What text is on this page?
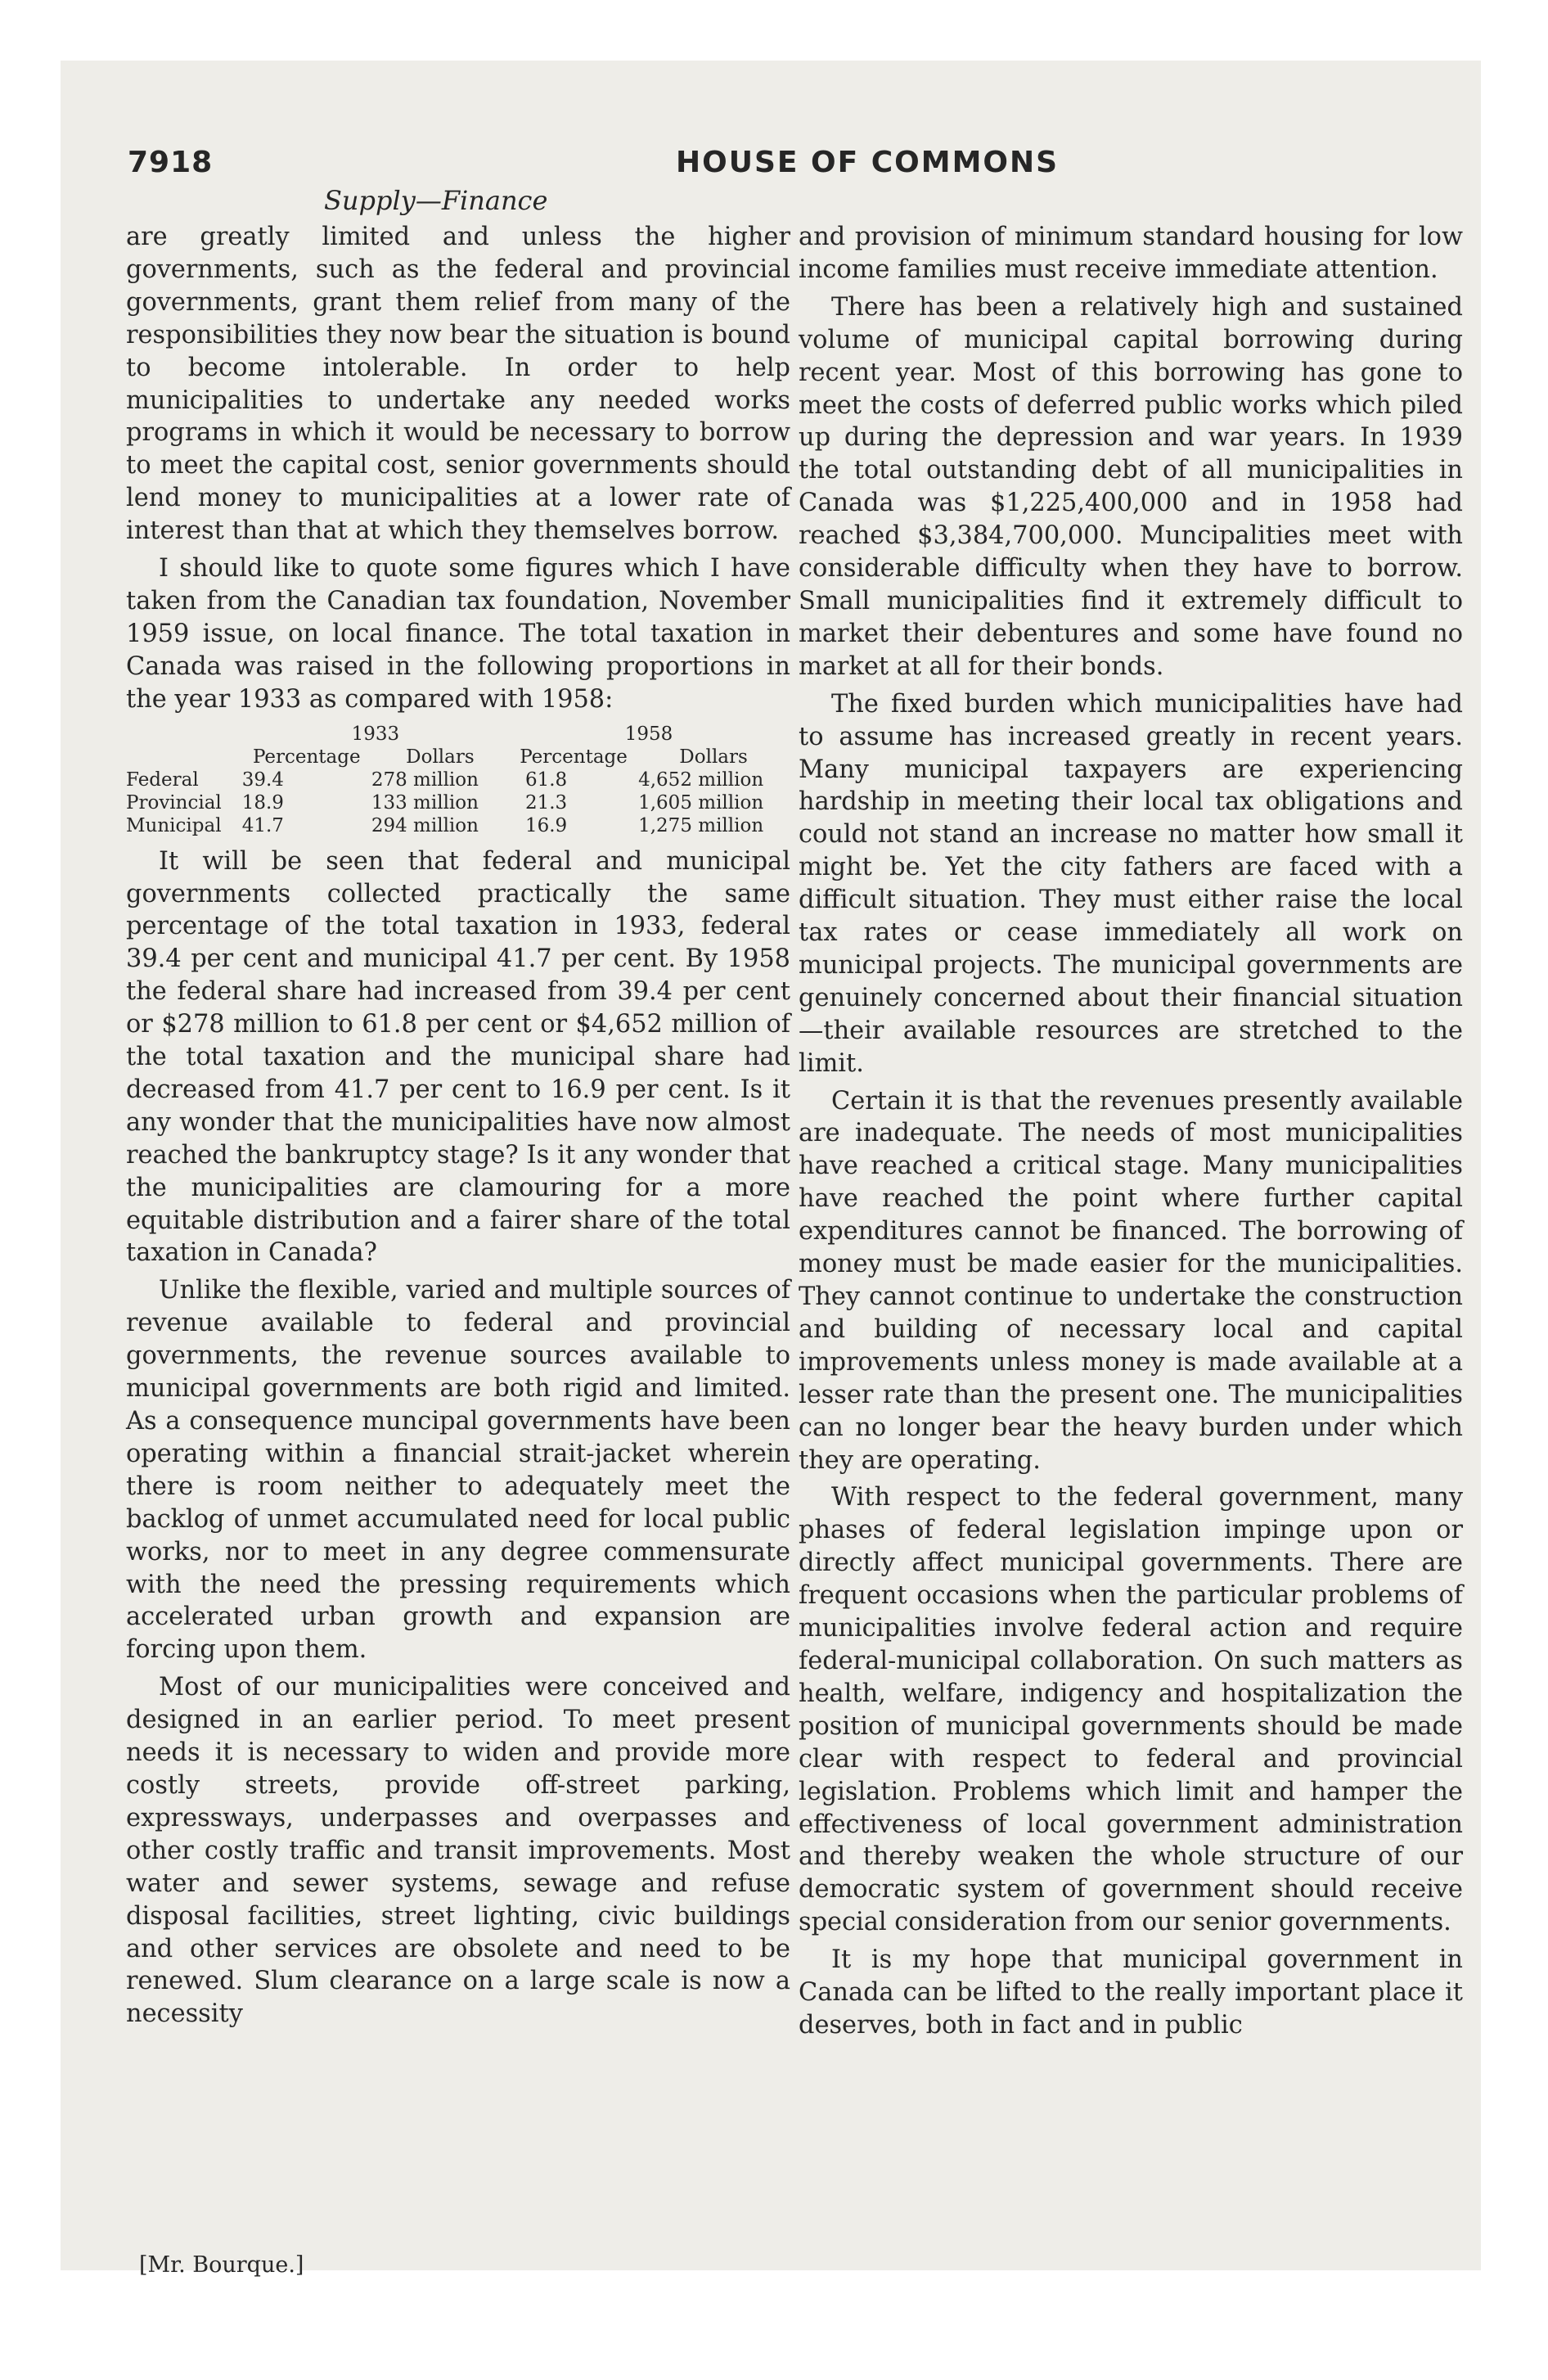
7918	HOUSE OF COMMONS
Supply—Finance

are greatly limited and unless the higher governments, such as the federal and provincial governments, grant them relief from many of the responsibilities they now bear the situation is bound to become intolerable. In order to help municipalities to undertake any needed works programs in which it would be necessary to borrow to meet the capital cost, senior governments should lend money to municipalities at a lower rate of interest than that at which they themselves borrow.

I should like to quote some figures which I have taken from the Canadian tax foundation, November 1959 issue, on local finance. The total taxation in Canada was raised in the following proportions in the year 1933 as compared with 1958:

	1933		1958	
	Percentage	Dollars	Percentage	Dollars
Federal	39.4	278 million	61.8	4,652 million
Provincial	18.9	133 million	21.3	1,605 million
Municipal	41.7	294 million	16.9	1,275 million

It will be seen that federal and municipal governments collected practically the same percentage of the total taxation in 1933, federal 39.4 per cent and municipal 41.7 per cent. By 1958 the federal share had increased from 39.4 per cent or $278 million to 61.8 per cent or $4,652 million of the total taxation and the municipal share had decreased from 41.7 per cent to 16.9 per cent. Is it any wonder that the municipalities have now almost reached the bankruptcy stage? Is it any wonder that the municipalities are clamouring for a more equitable distribution and a fairer share of the total taxation in Canada?

Unlike the flexible, varied and multiple sources of revenue available to federal and provincial governments, the revenue sources available to municipal governments are both rigid and limited. As a consequence muncipal governments have been operating within a financial strait-jacket wherein there is room neither to adequately meet the backlog of unmet accumulated need for local public works, nor to meet in any degree commensurate with the need the pressing requirements which accelerated urban growth and expansion are forcing upon them.

Most of our municipalities were conceived and designed in an earlier period. To meet present needs it is necessary to widen and provide more costly streets, provide off-street parking, expressways, underpasses and overpasses and other costly traffic and transit improvements. Most water and sewer systems, sewage and refuse disposal facilities, street lighting, civic buildings and other services are obsolete and need to be renewed. Slum clearance on a large scale is now a necessity

and provision of minimum standard housing for low income families must receive immediate attention.

There has been a relatively high and sustained volume of municipal capital borrowing during recent year. Most of this borrowing has gone to meet the costs of deferred public works which piled up during the depression and war years. In 1939 the total outstanding debt of all municipalities in Canada was $1,225,400,000 and in 1958 had reached $3,384,700,000. Muncipalities meet with considerable difficulty when they have to borrow. Small municipalities find it extremely difficult to market their debentures and some have found no market at all for their bonds.

The fixed burden which municipalities have had to assume has increased greatly in recent years. Many municipal taxpayers are experiencing hardship in meeting their local tax obligations and could not stand an increase no matter how small it might be. Yet the city fathers are faced with a difficult situation. They must either raise the local tax rates or cease immediately all work on municipal projects. The municipal governments are genuinely concerned about their financial situation—their available resources are stretched to the limit.

Certain it is that the revenues presently available are inadequate. The needs of most municipalities have reached a critical stage. Many municipalities have reached the point where further capital expenditures cannot be financed. The borrowing of money must be made easier for the municipalities. They cannot continue to undertake the construction and building of necessary local and capital improvements unless money is made available at a lesser rate than the present one. The municipalities can no longer bear the heavy burden under which they are operating.

With respect to the federal government, many phases of federal legislation impinge upon or directly affect municipal governments. There are frequent occasions when the particular problems of municipalities involve federal action and require federal-municipal collaboration. On such matters as health, welfare, indigency and hospitalization the position of municipal governments should be made clear with respect to federal and provincial legislation. Problems which limit and hamper the effectiveness of local government administration and thereby weaken the whole structure of our democratic system of government should receive special consideration from our senior governments.

It is my hope that municipal government in Canada can be lifted to the really important place it deserves, both in fact and in public

[Mr. Bourque.]
